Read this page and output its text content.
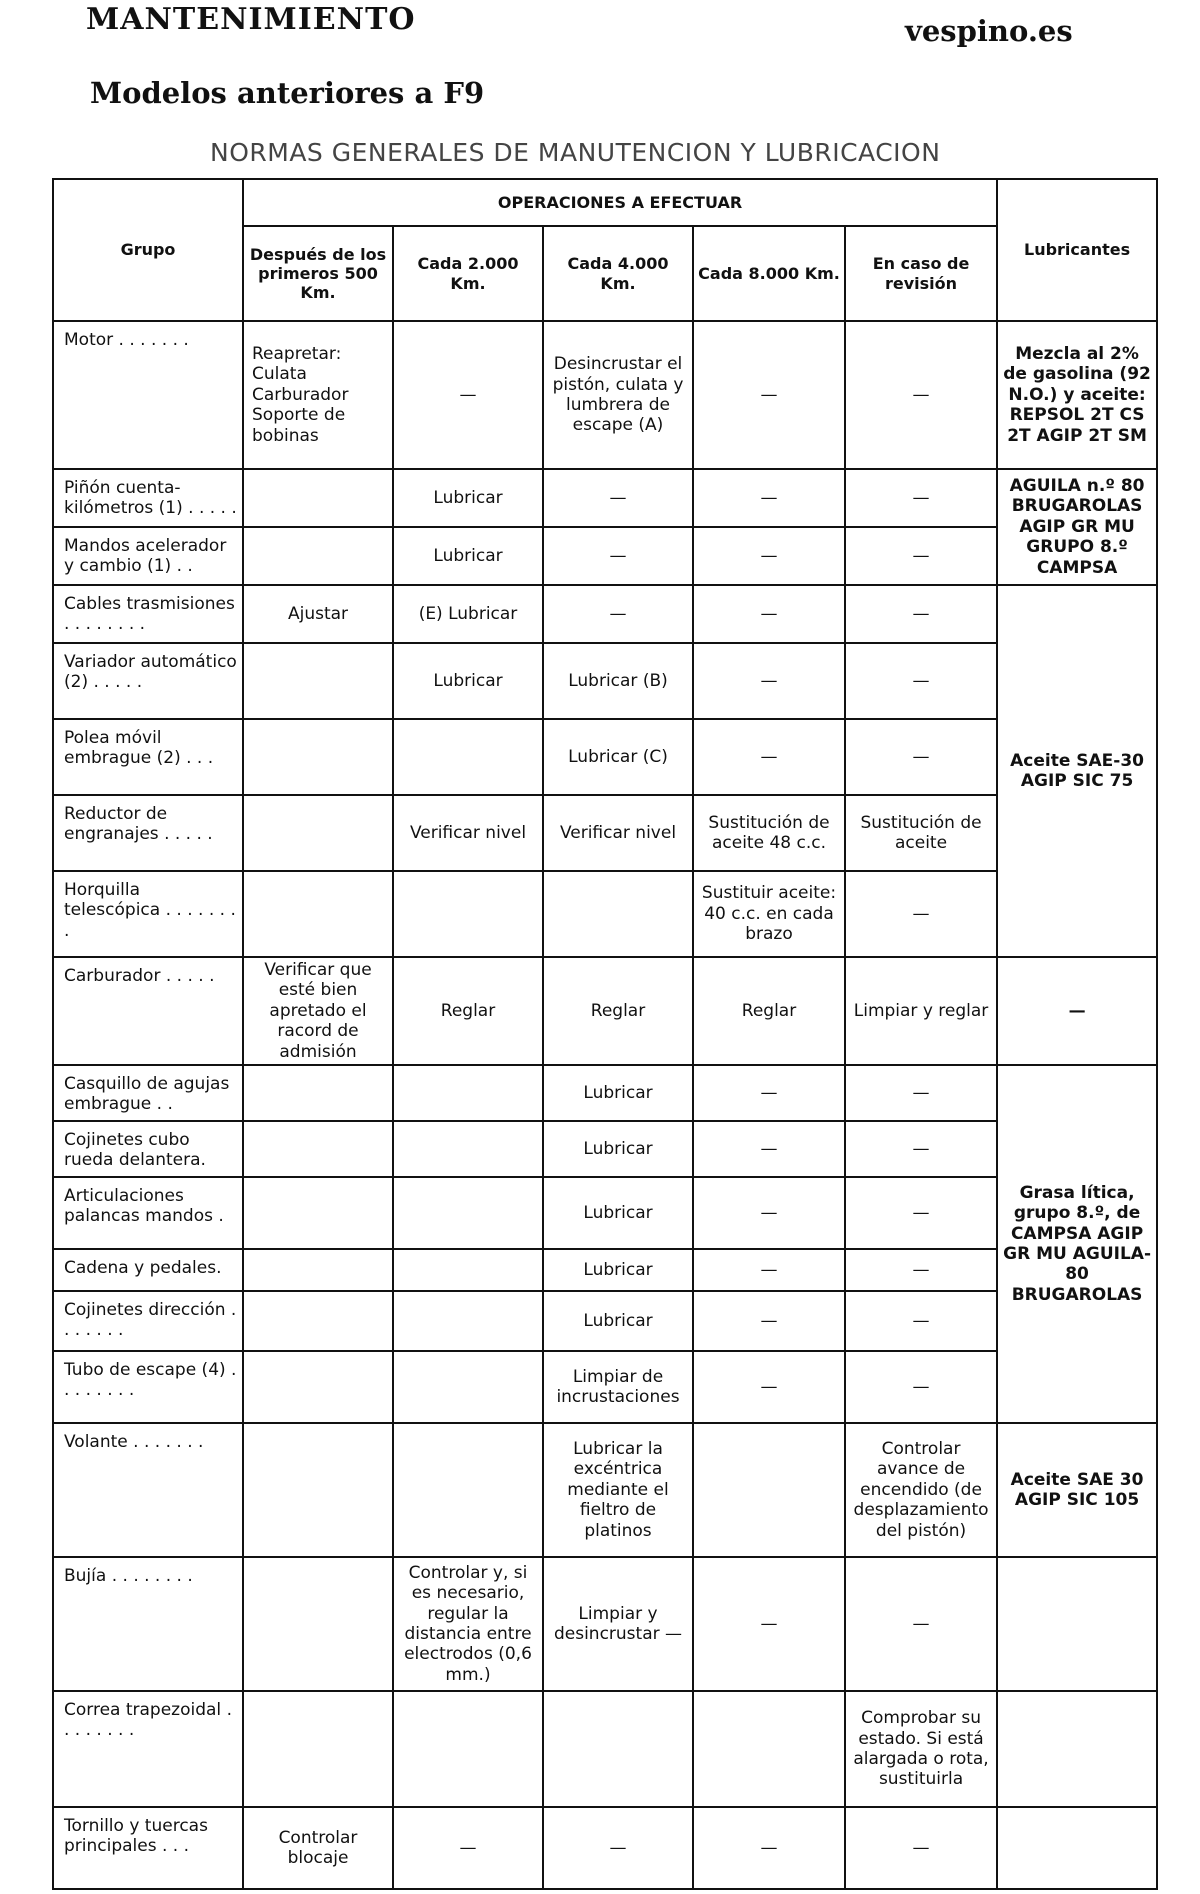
MANTENIMIENTO	vespino.es
Modelos anteriores a F9
NORMAS GENERALES DE MANUTENCION Y LUBRICACION
Grupo	OPERACIONES A EFECTUAR					Lubricantes
	Después de los primeros 500 Km.	Cada 2.000 Km.	Cada 4.000 Km.	Cada 8.000 Km.	En caso de revisión	
Motor . . . . . . .	Reapretar: Culata Carburador Soporte de bobinas	—	Desincrustar el pistón, culata y lumbrera de escape (A)	—	—	Mezcla al 2% de gasolina (92 N.O.) y aceite: REPSOL 2T CS 2T AGIP 2T SM
Piñón cuenta-kilómetros (1) . . . . .		Lubricar	—	—	—	AGUILA n.º 80 BRUGAROLAS AGIP GR MU GRUPO 8.º CAMPSA
Mandos acelerador y cambio (1) . .		Lubricar	—	—	—	
Cables trasmisiones . . . . . . . .	Ajustar	(E) Lubricar	—	—	—	Aceite SAE-30 AGIP SIC 75
Variador automático (2) . . . . .		Lubricar	Lubricar (B)	—	—	
Polea móvil embrague (2) . . .			Lubricar (C)	—	—	
Reductor de engranajes . . . . .		Verificar nivel	Verificar nivel	Sustitución de aceite 48 c.c.	Sustitución de aceite	
Horquilla telescópica . . . . . . . .				Sustituir aceite: 40 c.c. en cada brazo	—	
Carburador . . . . .	Verificar que esté bien apretado el racord de admisión	Reglar	Reglar	Reglar	Limpiar y reglar	—
Casquillo de agujas embrague . .			Lubricar	—	—	Grasa lítica, grupo 8.º, de CAMPSA AGIP GR MU AGUILA-80 BRUGAROLAS
Cojinetes cubo rueda delantera.			Lubricar	—	—	
Articulaciones palancas mandos .			Lubricar	—	—	
Cadena y pedales.			Lubricar	—	—	
Cojinetes dirección . . . . . . .			Lubricar	—	—	
Tubo de escape (4) . . . . . . . .			Limpiar de incrustaciones	—	—	
Volante . . . . . . .			Lubricar la excéntrica mediante el fieltro de platinos		Controlar avance de encendido (de desplazamiento del pistón)	Aceite SAE 30 AGIP SIC 105
Bujía . . . . . . . .		Controlar y, si es necesario, regular la distancia entre electrodos (0,6 mm.)	Limpiar y desincrustar —	—	—	
Correa trapezoidal . . . . . . . .					Comprobar su estado. Si está alargada o rota, sustituirla	
Tornillo y tuercas principales . . .	Controlar blocaje	—	—	—	—	
